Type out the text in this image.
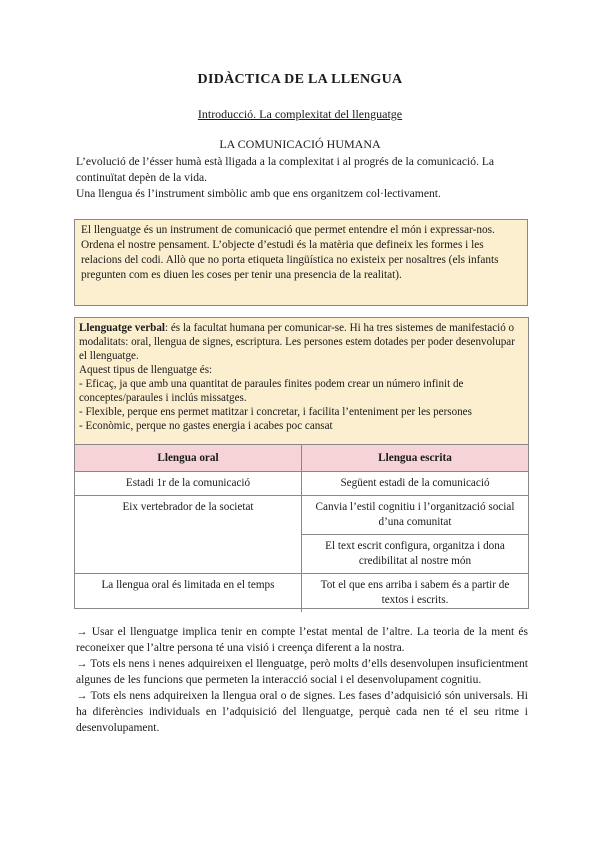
DIDÀCTICA DE LA LLENGUA
Introducció. La complexitat del llenguatge
LA COMUNICACIÓ HUMANA

L’evolució de l’ésser humà està lligada a la complexitat i al progrés de la comunicació. La continuïtat depèn de la vida.

Una llengua és l’instrument simbòlic amb que ens organitzem col·lectivament.

El llenguatge és un instrument de comunicació que permet entendre el món i expressar-nos. Ordena el nostre pensament. L’objecte d’estudi és la matèria que defineix les formes i les relacions del codi. Allò que no porta etiqueta lingüística no existeix per nosaltres (els infants pregunten com es diuen les coses per tenir una presencia de la realitat).

Llenguatge verbal: és la facultat humana per comunicar-se. Hi ha tres sistemes de manifestació o modalitats: oral, llengua de signes, escriptura. Les persones estem dotades per poder desenvolupar el llenguatge.

Aquest tipus de llenguatge és:

- Eficaç, ja que amb una quantitat de paraules finites podem crear un número infinit de conceptes/paraules i inclús missatges.

- Flexible, perque ens permet matitzar i concretar, i facilita l’enteniment per les persones

- Econòmic, perque no gastes energia i acabes poc cansat

Llengua oral	Llengua escrita
Estadi 1r de la comunicació	Següent estadi de la comunicació
Eix vertebrador de la societat	Canvia l’estil cognitiu i l’organització social d’una comunitat
	El text escrit configura, organitza i dona credibilitat al nostre món
La llengua oral és limitada en el temps	Tot el que ens arriba i sabem és a partir de textos i escrits.

→ Usar el llenguatge implica tenir en compte l’estat mental de l’altre. La teoria de la ment és reconeixer que l’altre persona té una visió i creença diferent a la nostra.

→ Tots els nens i nenes adquireixen el llenguatge, però molts d’ells desenvolupen insuficientment algunes de les funcions que permeten la interacció social i el desenvolupament cognitiu.

→ Tots els nens adquireixen la llengua oral o de signes. Les fases d’adquisició són universals. Hi ha diferències individuals en l’adquisició del llenguatge, perquè cada nen té el seu ritme i desenvolupament.
